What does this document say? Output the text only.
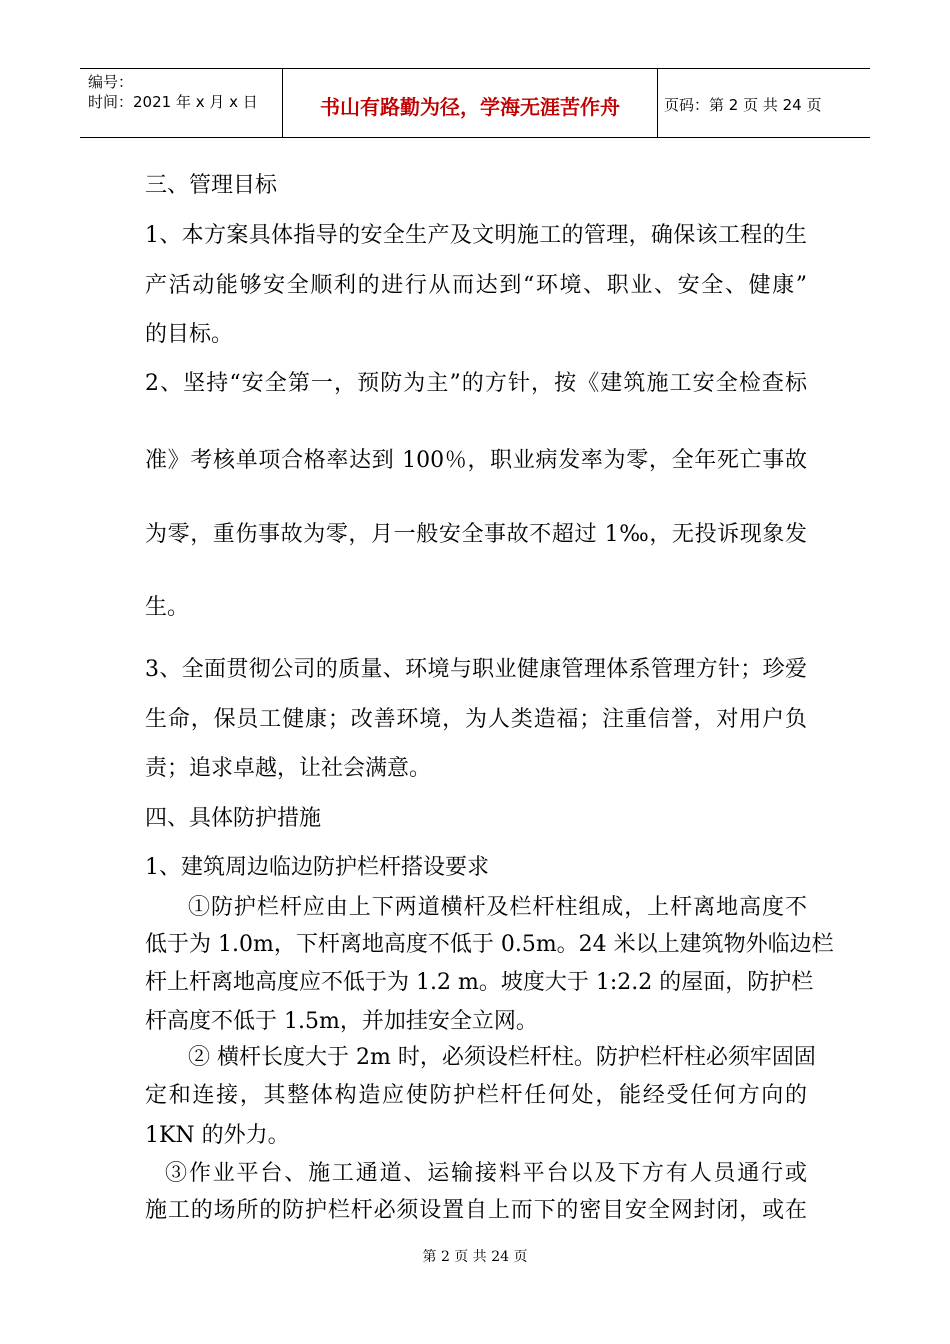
编号：
时间：2021 年 x 月 x 日	书山有路勤为径，学海无涯苦作舟	页码：第 2 页 共 24 页
三、管理目标
1、本方案具体指导的安全生产及文明施工的管理，确保该工程的生
产活动能够安全顺利的进行从而达到“环境、职业、安全、健康”
的目标。
2、坚持“安全第一，预防为主”的方针，按《建筑施工安全检查标
准》考核单项合格率达到 100％，职业病发率为零，全年死亡事故
为零，重伤事故为零，月一般安全事故不超过 1‰，无投诉现象发
生。
3、全面贯彻公司的质量、环境与职业健康管理体系管理方针；珍爱
生命，保员工健康；改善环境，为人类造福；注重信誉，对用户负
责；追求卓越，让社会满意。
四、具体防护措施
1、建筑周边临边防护栏杆搭设要求
①防护栏杆应由上下两道横杆及栏杆柱组成，上杆离地高度不
低于为 1.0m，下杆离地高度不低于 0.5m。24 米以上建筑物外临边栏
杆上杆离地高度应不低于为 1.2 m。坡度大于 1:2.2 的屋面，防护栏
杆高度不低于 1.5m，并加挂安全立网。
② 横杆长度大于 2m 时，必须设栏杆柱。防护栏杆柱必须牢固固
定和连接，其整体构造应使防护栏杆任何处，能经受任何方向的
1KN 的外力。
③作业平台、施工通道、运输接料平台以及下方有人员通行或
施工的场所的防护栏杆必须设置自上而下的密目安全网封闭，或在
第 2 页 共 24 页
